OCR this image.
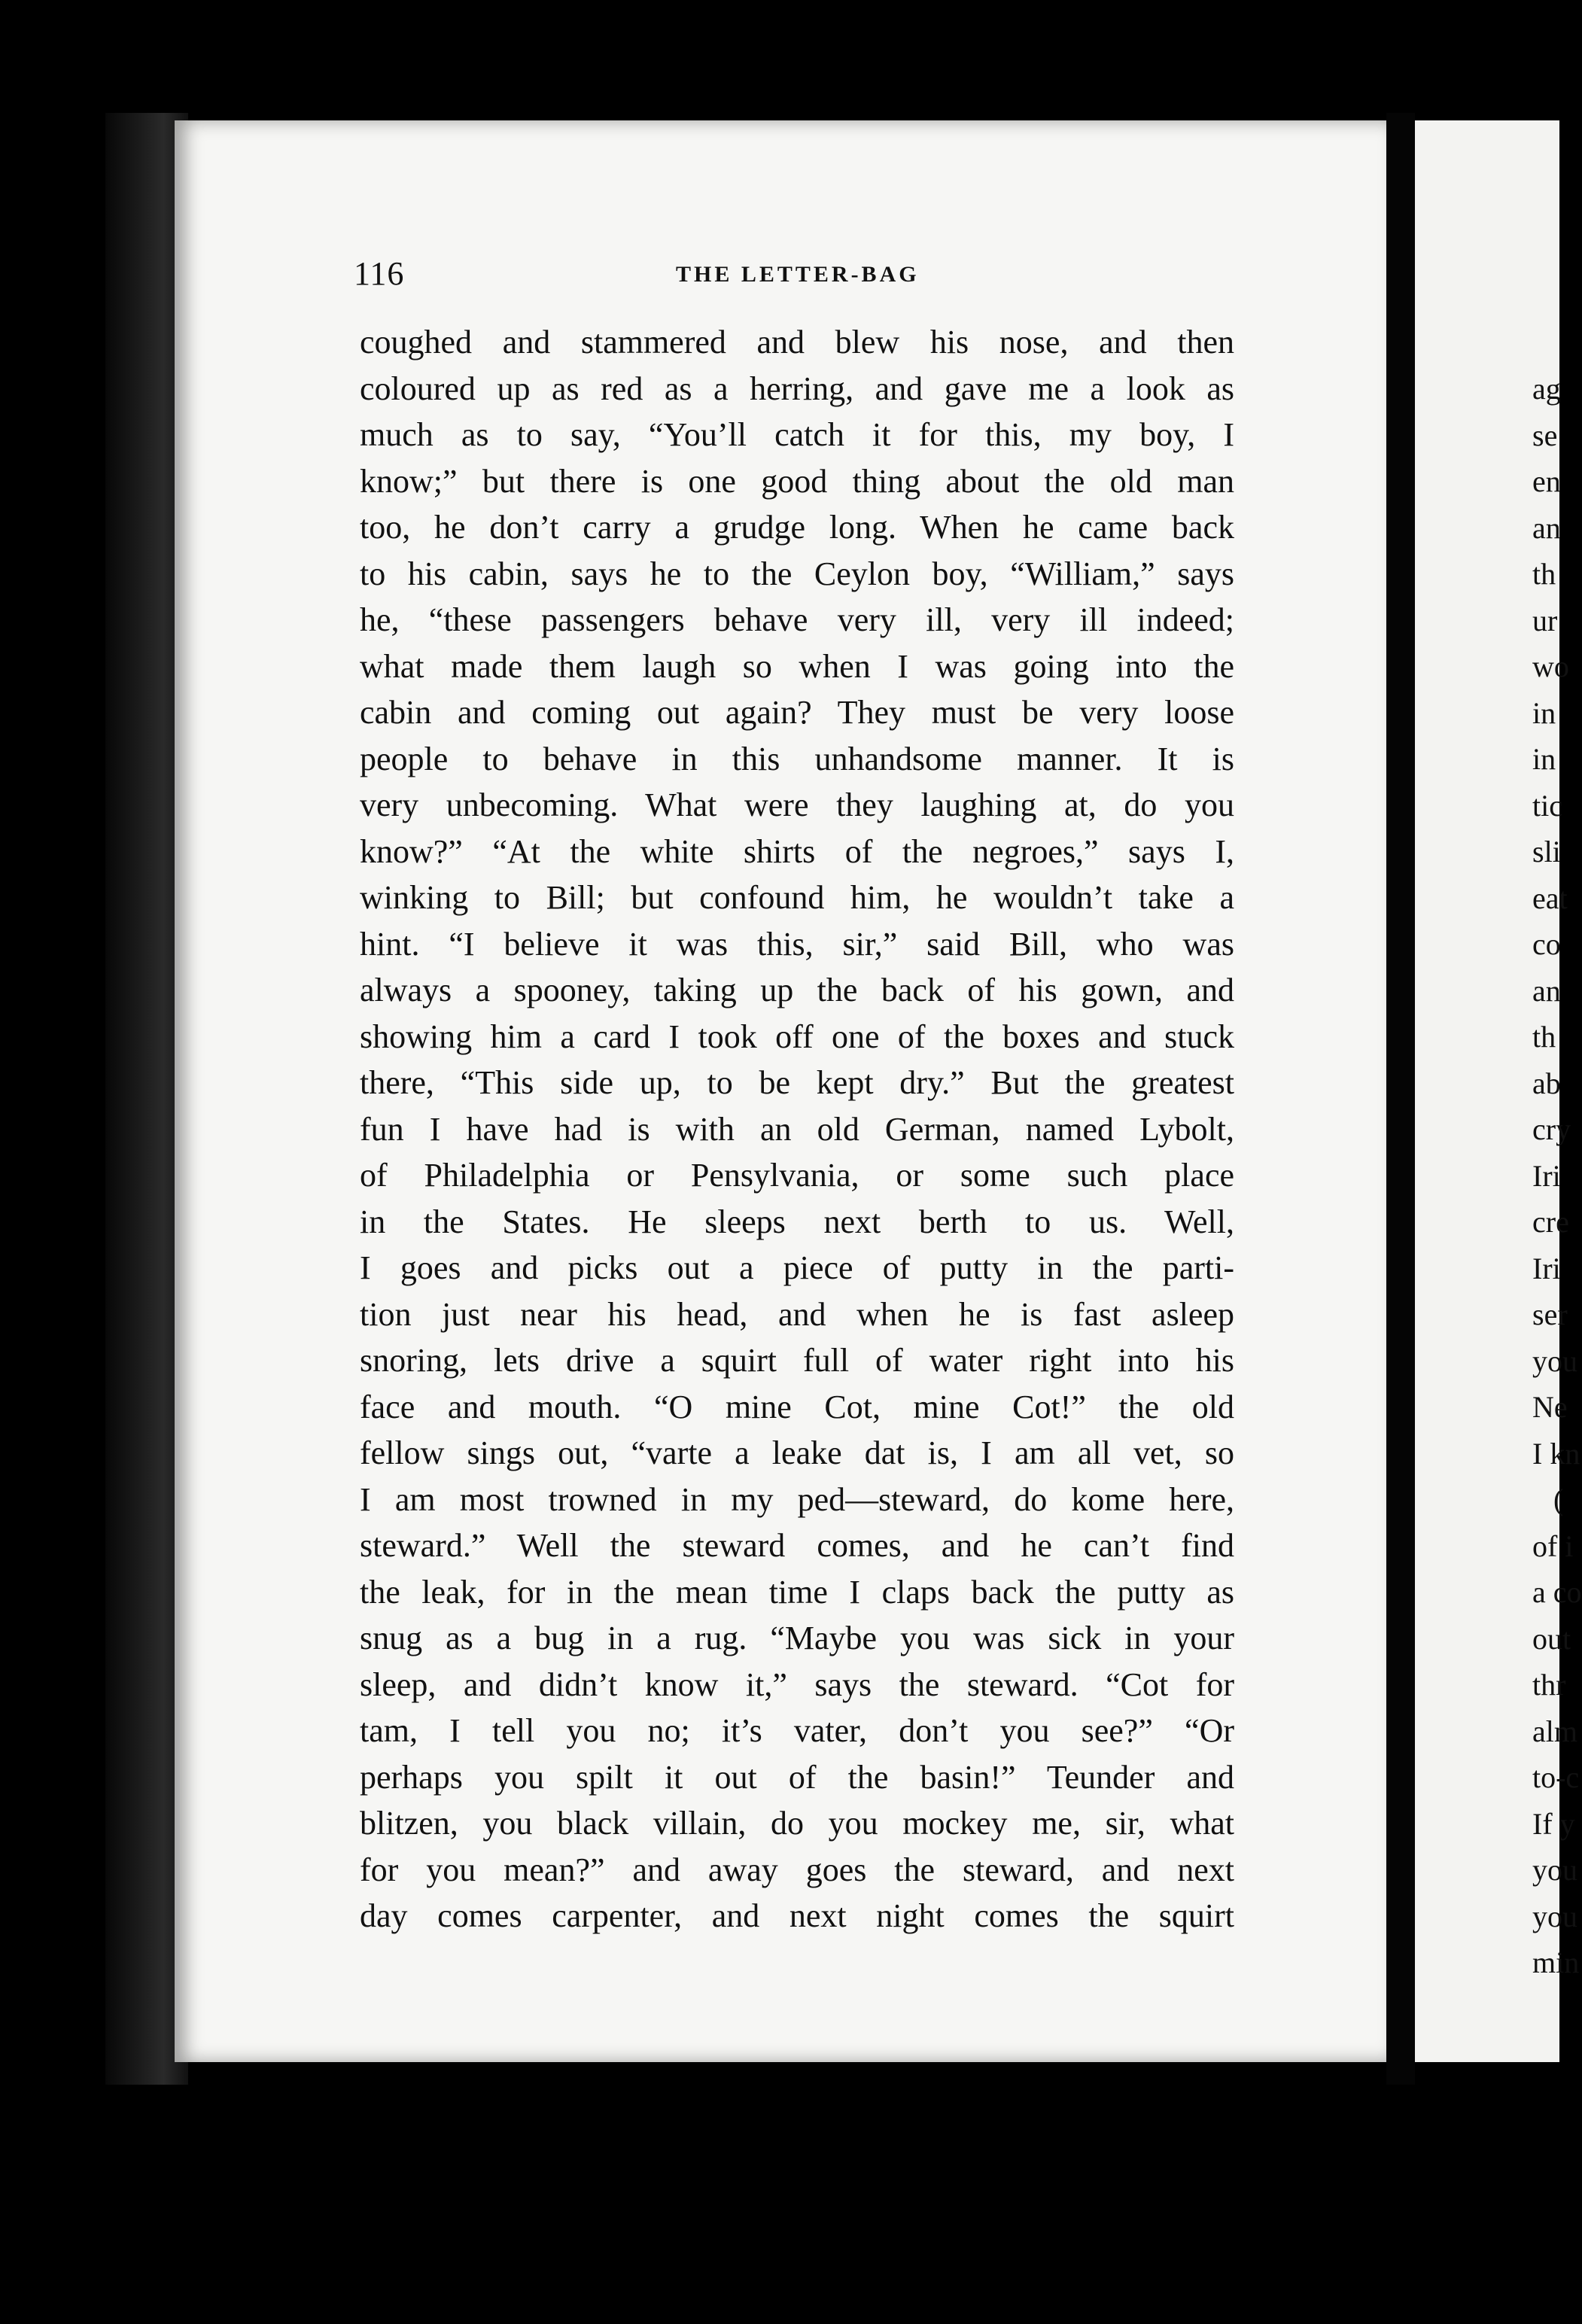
116	THE LETTER-BAG
coughed and stammered and blew his nose, and then
coloured up as red as a herring, and gave me a look as
much as to say, “You’ll catch it for this, my boy, I
know;” but there is one good thing about the old man
too, he don’t carry a grudge long. When he came back
to his cabin, says he to the Ceylon boy, “William,” says
he, “these passengers behave very ill, very ill indeed;
what made them laugh so when I was going into the
cabin and coming out again? They must be very loose
people to behave in this unhandsome manner. It is
very unbecoming. What were they laughing at, do you
know?” “At the white shirts of the negroes,” says I,
winking to Bill; but confound him, he wouldn’t take a
hint. “I believe it was this, sir,” said Bill, who was
always a spooney, taking up the back of his gown, and
showing him a card I took off one of the boxes and stuck
there, “This side up, to be kept dry.” But the greatest
fun I have had is with an old German, named Lybolt,
of Philadelphia or Pensylvania, or some such place
in the States. He sleeps next berth to us. Well,
I goes and picks out a piece of putty in the parti-
tion just near his head, and when he is fast asleep
snoring, lets drive a squirt full of water right into his
face and mouth. “O mine Cot, mine Cot!” the old
fellow sings out, “varte a leake dat is, I am all vet, so
I am most trowned in my ped—steward, do kome here,
steward.” Well the steward comes, and he can’t find
the leak, for in the mean time I claps back the putty as
snug as a bug in a rug. “Maybe you was sick in your
sleep, and didn’t know it,” says the steward. “Cot for
tam, I tell you no; it’s vater, don’t you see?” “Or
perhaps you spilt it out of the basin!” Teunder and
blitzen, you black villain, do you mockey me, sir, what
for you mean?” and away goes the steward, and next
day comes carpenter, and next night comes the squirt
ag
se
en
an
th
ur
wo
in
in
tic
sli
eat
co
an
th
ab
cry
Iri
cre
Iri
ser
you
Ne
I kn
(
of i
a co
out
thr
alm
to-c
If y
you
you
min
